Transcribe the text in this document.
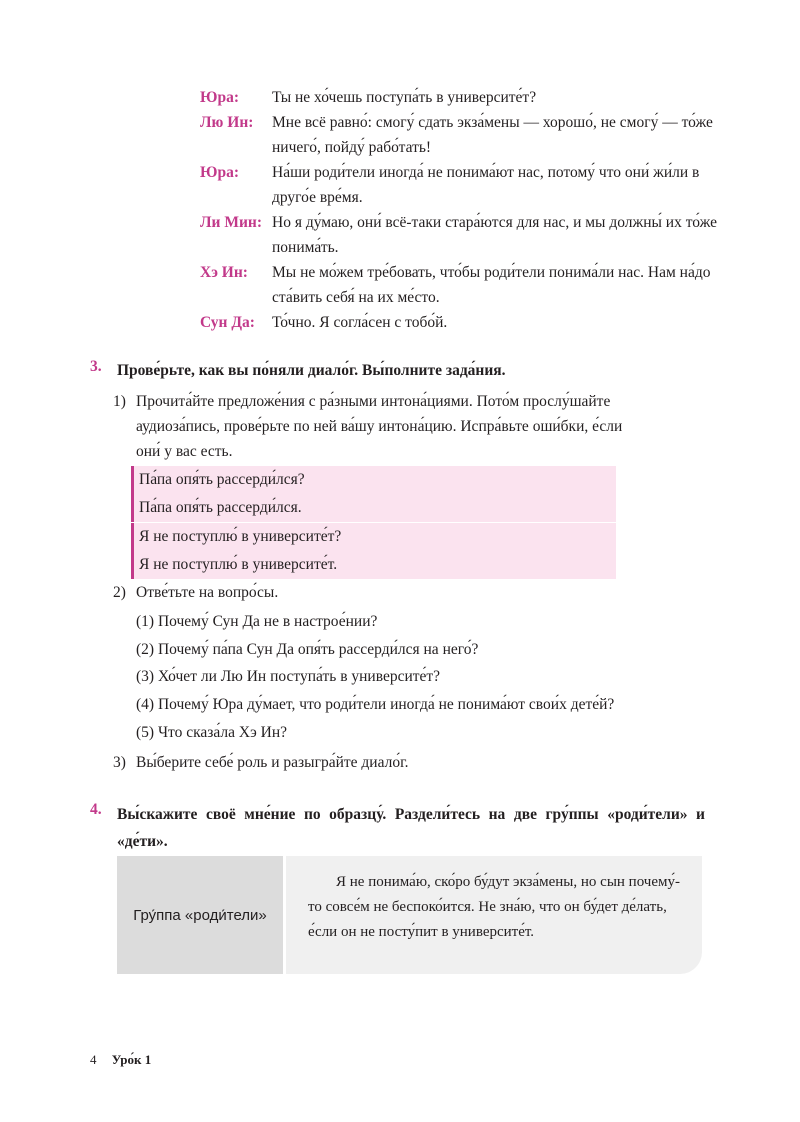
Юра:	Ты не хо́чешь поступа́ть в университе́т?
Лю Ин:	Мне всё равно́: смогу́ сдать экза́мены — хорошо́, не смогу́ — то́же ничего́, пойду́ рабо́тать!
Юра:	На́ши роди́тели иногда́ не понима́ют нас, потому́ что они́ жи́ли в друго́е вре́мя.
Ли Мин: Но я ду́маю, они́ всё-таки стара́ются для нас, и мы должны́ их то́же понима́ть.
Хэ Ин:	Мы не мо́жем тре́бовать, что́бы роди́тели понима́ли нас. Нам на́до ста́вить себя́ на их ме́сто.
Сун Да:	То́чно. Я согла́сен с тобо́й.
3. Прове́рьте, как вы по́няли диало́г. Вы́полните зада́ния.
1) Прочита́йте предложе́ния с ра́зными интона́циями. Пото́м прослу́шайте аудиоза́пись, прове́рьте по ней ва́шу интона́цию. Испра́вьте оши́бки, е́сли они́ у вас есть.
Па́па опя́ть рассерди́лся?
Па́па опя́ть рассерди́лся.
Я не поступлю́ в университе́т?
Я не поступлю́ в университе́т.
2) Отве́тьте на вопро́сы.
(1) Почему́ Сун Да не в настрое́нии?
(2) Почему́ па́па Сун Да опя́ть рассерди́лся на него́?
(3) Хо́чет ли Лю Ин поступа́ть в университе́т?
(4) Почему́ Юра ду́мает, что роди́тели иногда́ не понима́ют свои́х дете́й?
(5) Что сказа́ла Хэ Ин?
3) Вы́берите себе́ роль и разыгра́йте диало́г.
4. Вы́скажите своё мне́ние по образцу́. Раздели́тесь на две гру́ппы «роди́тели» и «де́ти».
Гру́ппа «роди́тели»

Я не понима́ю, ско́ро бу́дут экза́мены, но сын почему́-то совсе́м не беспоко́ится. Не зна́ю, что он бу́дет де́лать, е́сли он не посту́пит в университе́т.

4 Уро́к 1
